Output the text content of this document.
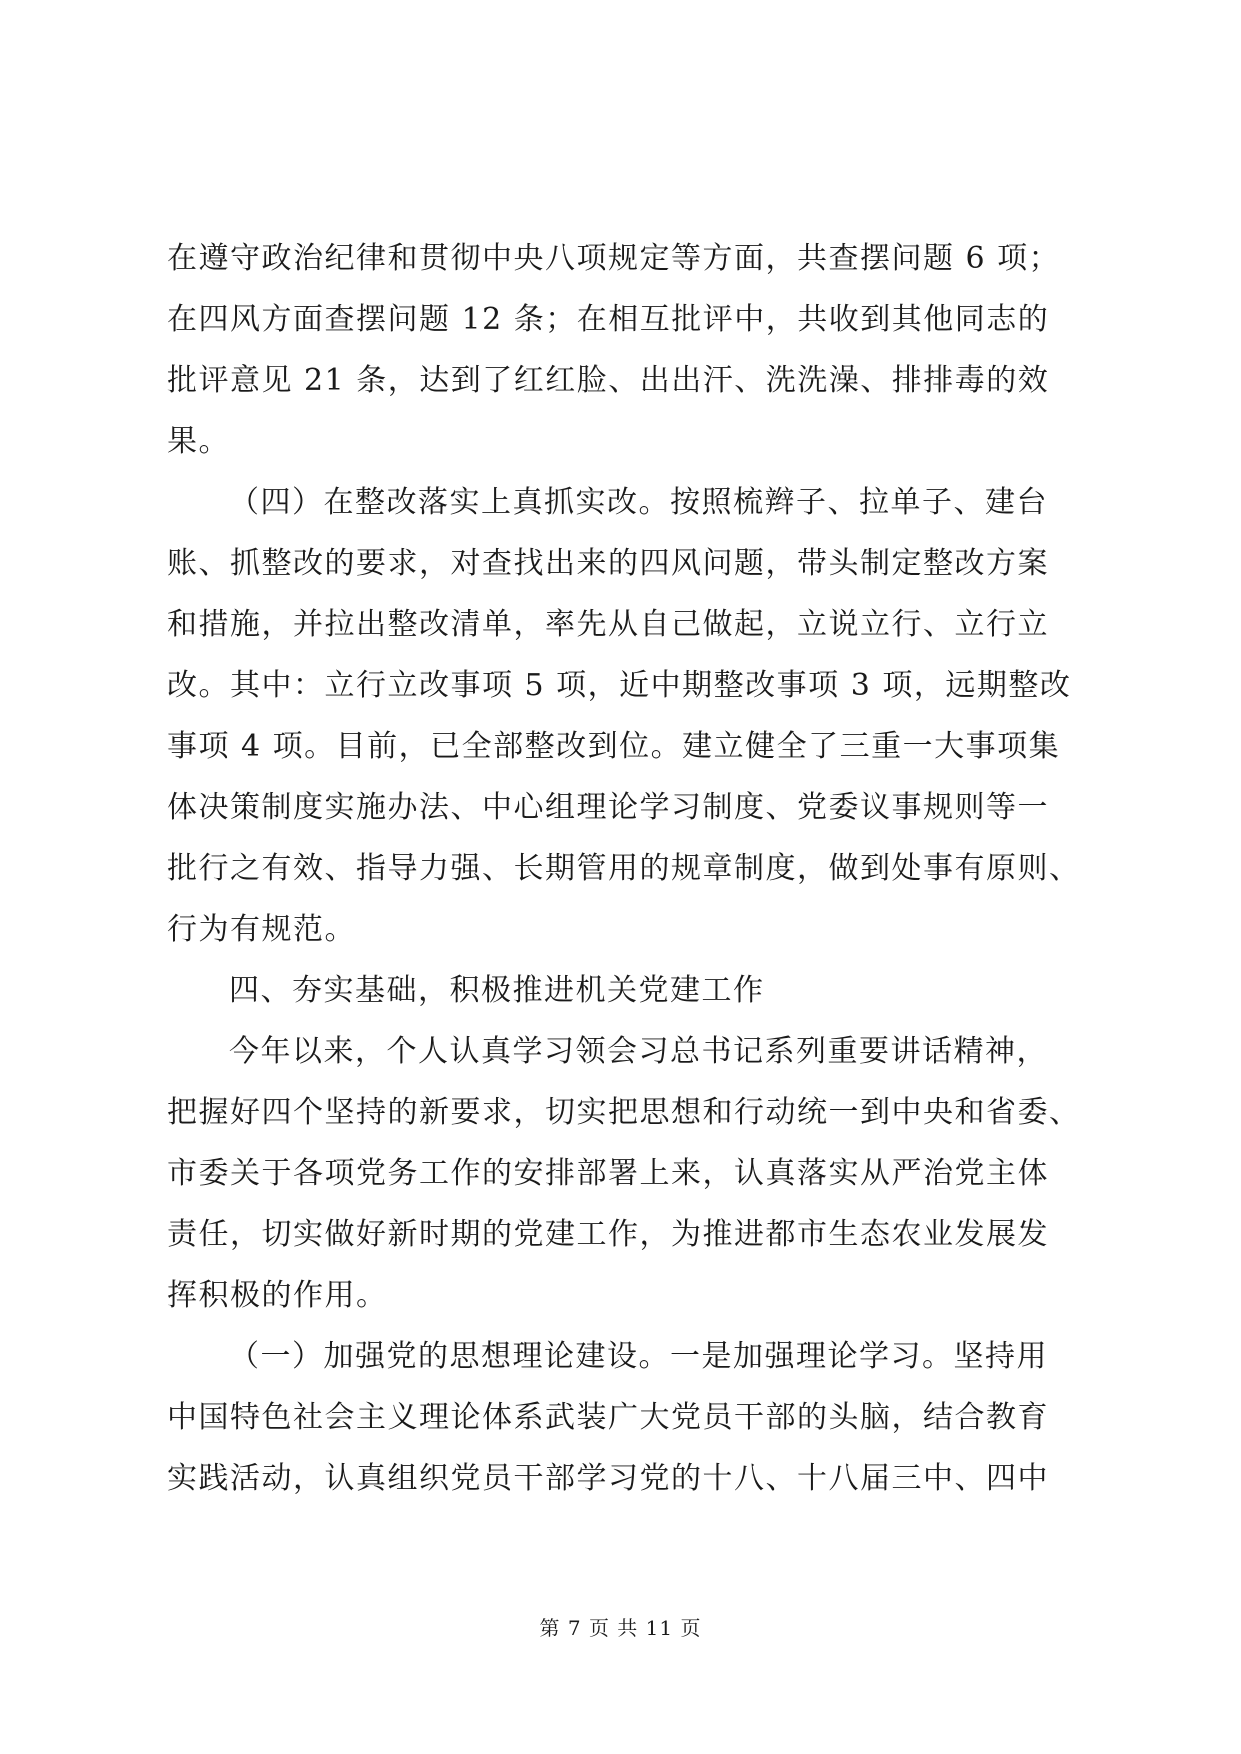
在遵守政治纪律和贯彻中央八项规定等方面，共查摆问题 6 项；
在四风方面查摆问题 12 条；在相互批评中，共收到其他同志的
批评意见 21 条，达到了红红脸、出出汗、洗洗澡、排排毒的效
果。
（四）在整改落实上真抓实改。按照梳辫子、拉单子、建台
账、抓整改的要求，对查找出来的四风问题，带头制定整改方案
和措施，并拉出整改清单，率先从自己做起，立说立行、立行立
改。其中：立行立改事项 5 项，近中期整改事项 3 项，远期整改
事项 4 项。目前，已全部整改到位。建立健全了三重一大事项集
体决策制度实施办法、中心组理论学习制度、党委议事规则等一
批行之有效、指导力强、长期管用的规章制度，做到处事有原则、
行为有规范。
四、夯实基础，积极推进机关党建工作
今年以来，个人认真学习领会习总书记系列重要讲话精神，
把握好四个坚持的新要求，切实把思想和行动统一到中央和省委、
市委关于各项党务工作的安排部署上来，认真落实从严治党主体
责任，切实做好新时期的党建工作，为推进都市生态农业发展发
挥积极的作用。
（一）加强党的思想理论建设。一是加强理论学习。坚持用
中国特色社会主义理论体系武装广大党员干部的头脑，结合教育
实践活动，认真组织党员干部学习党的十八、十八届三中、四中
第 7 页 共 11 页
